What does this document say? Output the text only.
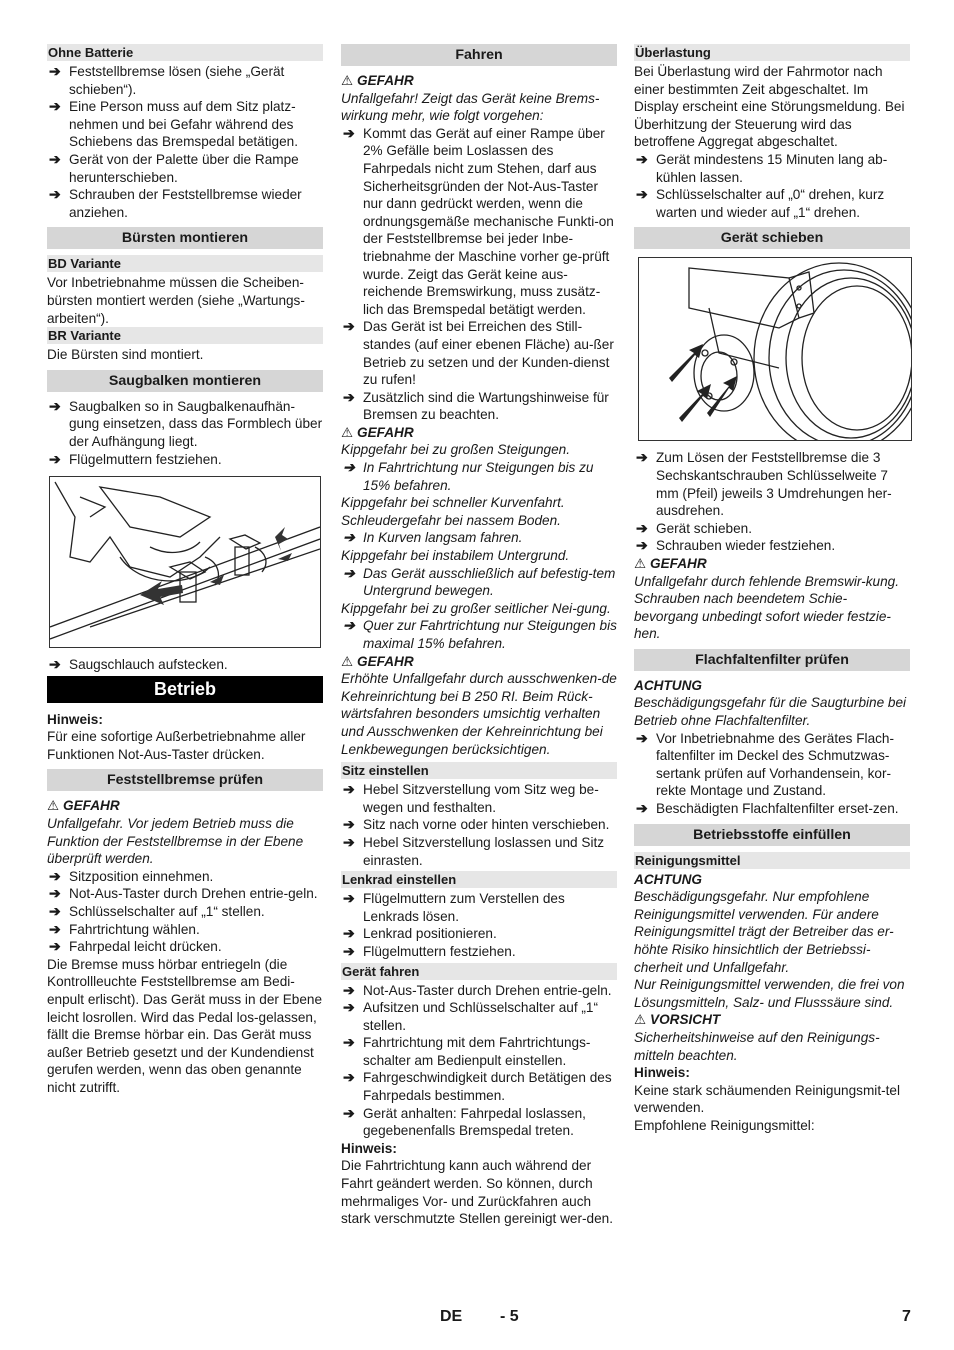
Ohne Batterie
➔ Feststellbremse lösen (siehe „Gerät schieben“).
➔ Eine Person muss auf dem Sitz platz-nehmen und bei Gefahr während des Schiebens das Bremspedal betätigen.
➔ Gerät von der Palette über die Rampe herunterschieben.
➔ Schrauben der Feststellbremse wieder anziehen.
Bürsten montieren
BD Variante

Vor Inbetriebnahme müssen die Scheiben-bürsten montiert werden (siehe „Wartungs-arbeiten“).

BR Variante

Die Bürsten sind montiert.

Saugbalken montieren
➔ Saugbalken so in Saugbalkenaufhän-gung einsetzen, dass das Formblech über der Aufhängung liegt.
➔ Flügelmuttern festziehen.
➔ Saugschlauch aufstecken.
Betrieb
Hinweis:

Für eine sofortige Außerbetriebnahme aller Funktionen Not-Aus-Taster drücken.

Feststellbremse prüfen

⚠ GEFAHR

Unfallgefahr. Vor jedem Betrieb muss die Funktion der Feststellbremse in der Ebene überprüft werden.

➔ Sitzposition einnehmen.
➔ Not-Aus-Taster durch Drehen entrie-geln.
➔ Schlüsselschalter auf „1“ stellen.
➔ Fahrtrichtung wählen.
➔ Fahrpedal leicht drücken.

Die Bremse muss hörbar entriegeln (die Kontrollleuchte Feststellbremse am Bedi-enpult erlischt). Das Gerät muss in der Ebene leicht losrollen. Wird das Pedal los-gelassen, fällt die Bremse hörbar ein. Das Gerät muss außer Betrieb gesetzt und der Kundendienst gerufen werden, wenn das oben genannte nicht zutrifft.

Fahren

⚠ GEFAHR

Unfallgefahr! Zeigt das Gerät keine Brems-wirkung mehr, wie folgt vorgehen:

➔ Kommt das Gerät auf einer Rampe über 2% Gefälle beim Loslassen des Fahrpedals nicht zum Stehen, darf aus Sicherheitsgründen der Not-Aus-Taster nur dann gedrückt werden, wenn die ordnungsgemäße mechanische Funkti-on der Feststellbremse bei jeder Inbe-triebnahme der Maschine vorher ge-prüft wurde. Zeigt das Gerät keine aus-reichende Bremswirkung, muss zusätz-lich das Bremspedal betätigt werden.
➔ Das Gerät ist bei Erreichen des Still-standes (auf einer ebenen Fläche) au-ßer Betrieb zu setzen und der Kunden-dienst zu rufen!
➔ Zusätzlich sind die Wartungshinweise für Bremsen zu beachten.

⚠ GEFAHR

Kippgefahr bei zu großen Steigungen.

➔ In Fahrtrichtung nur Steigungen bis zu 15% befahren.

Kippgefahr bei schneller Kurvenfahrt. Schleudergefahr bei nassem Boden.

➔ In Kurven langsam fahren.

Kippgefahr bei instabilem Untergrund.

➔ Das Gerät ausschließlich auf befestig-tem Untergrund bewegen.

Kippgefahr bei zu großer seitlicher Nei-gung.

➔ Quer zur Fahrtrichtung nur Steigungen bis maximal 15% befahren.

⚠ GEFAHR

Erhöhte Unfallgefahr durch ausschwenken-de Kehreinrichtung bei B 250 RI. Beim Rück-wärtsfahren besonders umsichtig verhalten und Ausschwenken der Kehreinrichtung bei Lenkbewegungen berücksichtigen.

Sitz einstellen
➔ Hebel Sitzverstellung vom Sitz weg be-wegen und festhalten.
➔ Sitz nach vorne oder hinten verschieben.
➔ Hebel Sitzverstellung loslassen und Sitz einrasten.
Lenkrad einstellen
➔ Flügelmuttern zum Verstellen des Lenkrads lösen.
➔ Lenkrad positionieren.
➔ Flügelmuttern festziehen.
Gerät fahren
➔ Not-Aus-Taster durch Drehen entrie-geln.
➔ Aufsitzen und Schlüsselschalter auf „1“ stellen.
➔ Fahrtrichtung mit dem Fahrtrichtungs-schalter am Bedienpult einstellen.
➔ Fahrgeschwindigkeit durch Betätigen des Fahrpedals bestimmen.
➔ Gerät anhalten: Fahrpedal loslassen, gegebenenfalls Bremspedal treten.
Hinweis:

Die Fahrtrichtung kann auch während der Fahrt geändert werden. So können, durch mehrmaliges Vor- und Zurückfahren auch stark verschmutzte Stellen gereinigt wer-den.

Überlastung

Bei Überlastung wird der Fahrmotor nach einer bestimmten Zeit abgeschaltet. Im Display erscheint eine Störungsmeldung. Bei Überhitzung der Steuerung wird das betroffene Aggregat abgeschaltet.

➔ Gerät mindestens 15 Minuten lang ab-kühlen lassen.
➔ Schlüsselschalter auf „0“ drehen, kurz warten und wieder auf „1“ drehen.
Gerät schieben
➔ Zum Lösen der Feststellbremse die 3 Sechskantschrauben Schlüsselweite 7 mm (Pfeil) jeweils 3 Umdrehungen her-ausdrehen.
➔ Gerät schieben.
➔ Schrauben wieder festziehen.

⚠ GEFAHR

Unfallgefahr durch fehlende Bremswir-kung. Schrauben nach beendetem Schie-bevorgang unbedingt sofort wieder festzie-hen.

Flachfaltenfilter prüfen

ACHTUNG

Beschädigungsgefahr für die Saugturbine bei Betrieb ohne Flachfaltenfilter.

➔ Vor Inbetriebnahme des Gerätes Flach-faltenfilter im Deckel des Schmutzwas-sertank prüfen auf Vorhandensein, kor-rekte Montage und Zustand.
➔ Beschädigten Flachfaltenfilter erset-zen.
Betriebsstoffe einfüllen
Reinigungsmittel

ACHTUNG

Beschädigungsgefahr. Nur empfohlene Reinigungsmittel verwenden. Für andere Reinigungsmittel trägt der Betreiber das er-höhte Risiko hinsichtlich der Betriebssi-cherheit und Unfallgefahr.

Nur Reinigungsmittel verwenden, die frei von Lösungsmitteln, Salz- und Flusssäure sind.

⚠ VORSICHT

Sicherheitshinweise auf den Reinigungs-mitteln beachten.

Hinweis:

Keine stark schäumenden Reinigungsmit-tel verwenden.

Empfohlene Reinigungsmittel:

DE - 5	7
